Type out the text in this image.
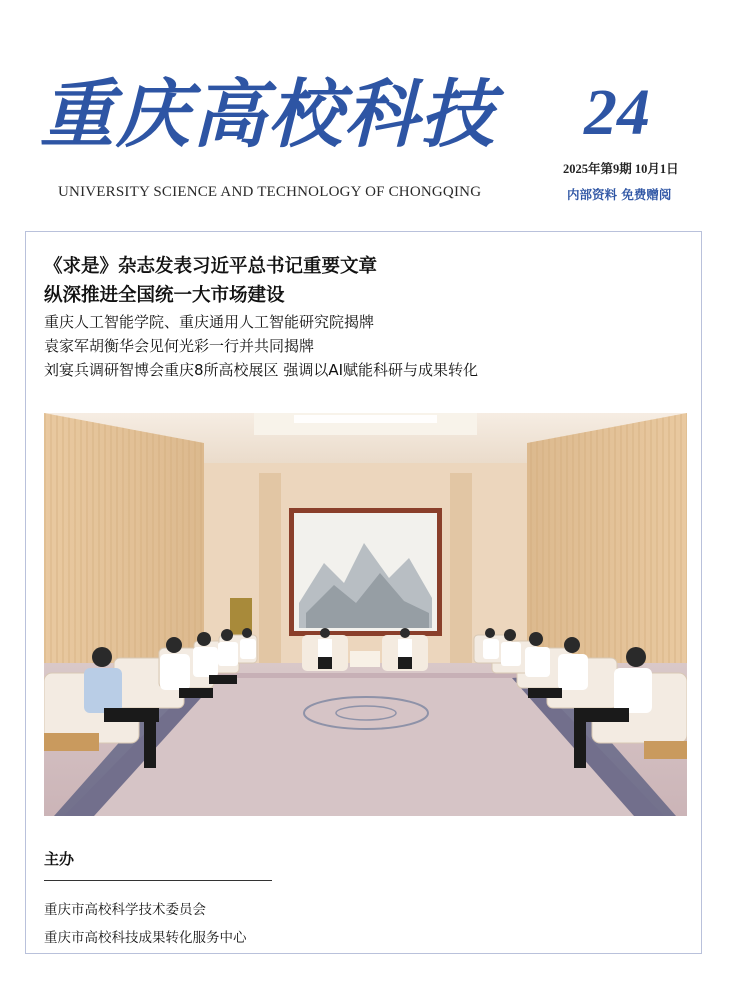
重庆高校科技
UNIVERSITY SCIENCE AND TECHNOLOGY OF CHONGQING
24
2025年第9期 10月1日
内部资料 免费赠阅

《求是》杂志发表习近平总书记重要文章

纵深推进全国统一大市场建设

重庆人工智能学院、重庆通用人工智能研究院揭牌

袁家军胡衡华会见何光彩一行并共同揭牌

刘宴兵调研智博会重庆8所高校展区 强调以AI赋能科研与成果转化

主办
重庆市高校科学技术委员会
重庆市高校科技成果转化服务中心
